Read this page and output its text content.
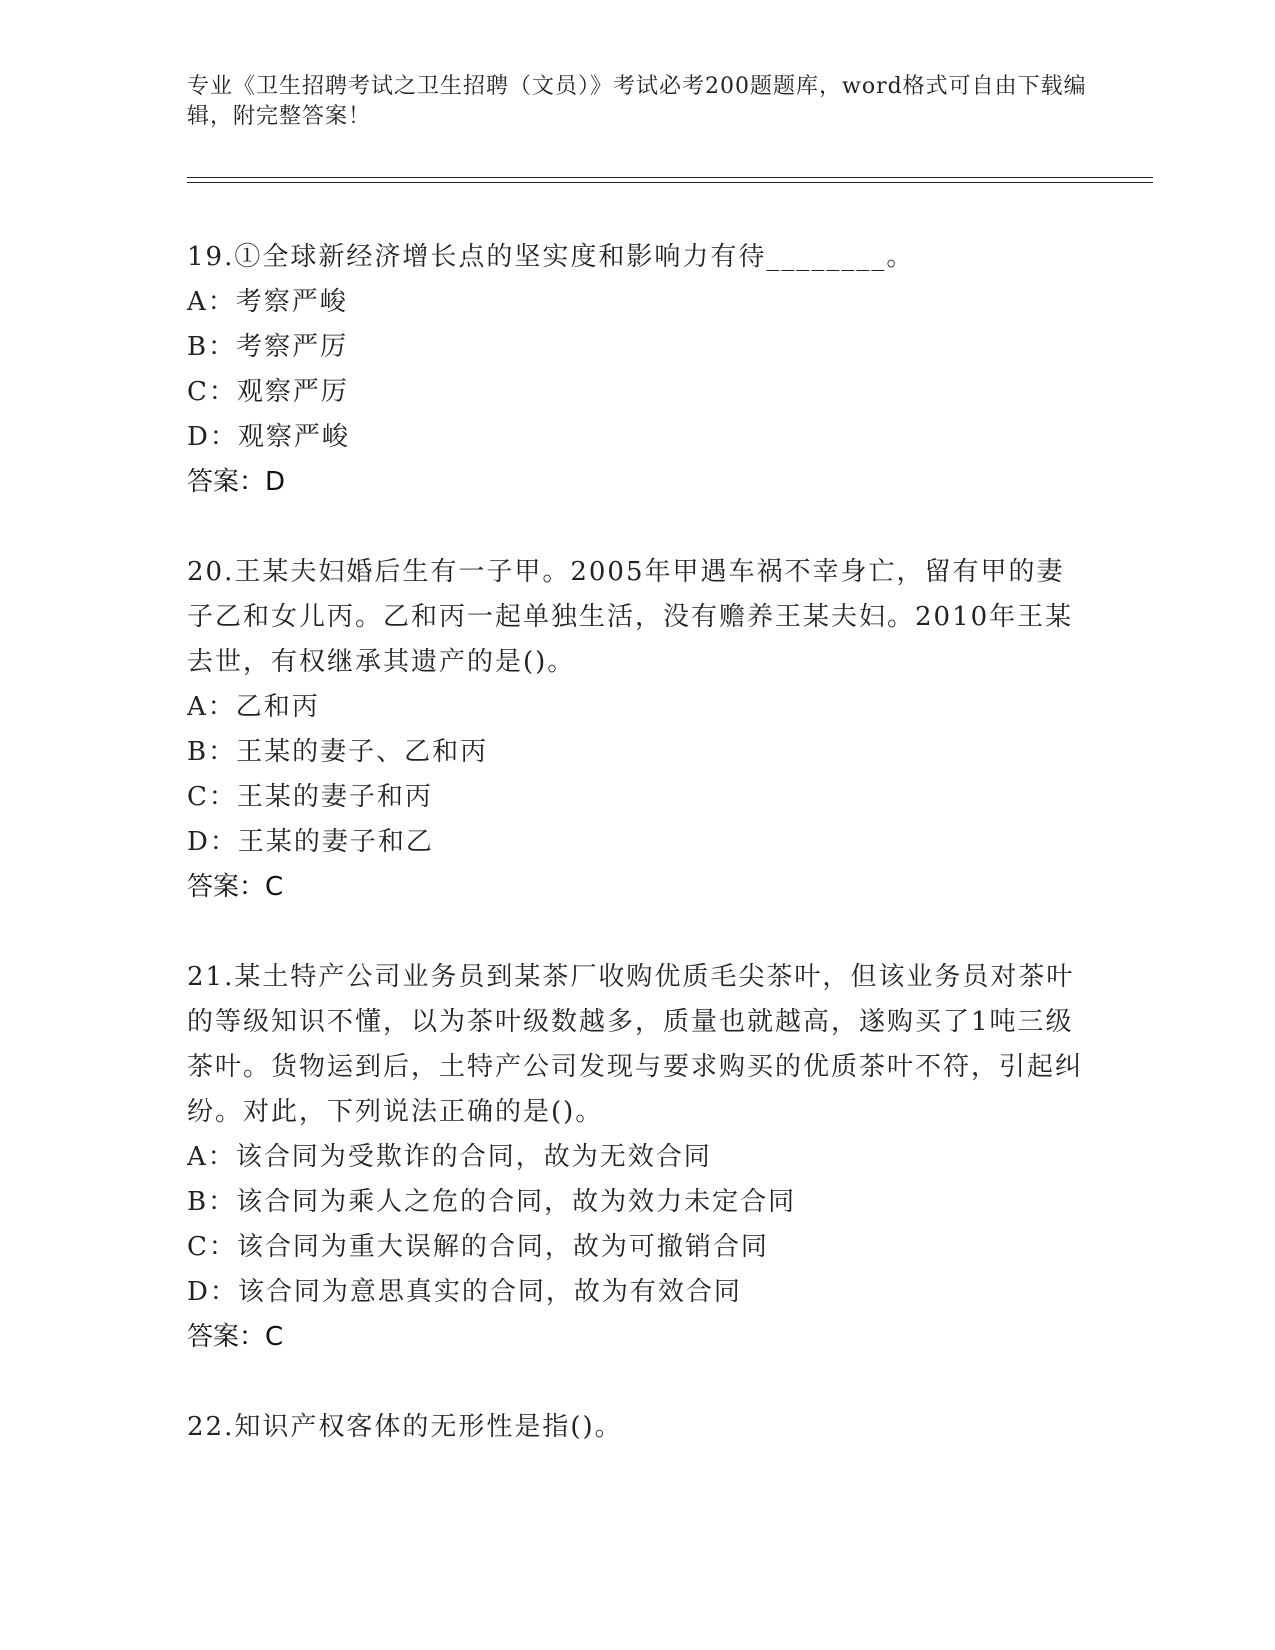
专业《卫生招聘考试之卫生招聘（文员）》考试必考200题题库，word格式可自由下载编辑，附完整答案！

19.①全球新经济增长点的坚实度和影响力有待________。

A：考察严峻

B：考察严厉

C：观察严厉

D：观察严峻

答案：D

20.王某夫妇婚后生有一子甲。2005年甲遇车祸不幸身亡，留有甲的妻子乙和女儿丙。乙和丙一起单独生活，没有赡养王某夫妇。2010年王某去世，有权继承其遗产的是()。

A：乙和丙

B：王某的妻子、乙和丙

C：王某的妻子和丙

D：王某的妻子和乙

答案：C

21.某土特产公司业务员到某茶厂收购优质毛尖茶叶，但该业务员对茶叶的等级知识不懂，以为茶叶级数越多，质量也就越高，遂购买了1吨三级茶叶。货物运到后，土特产公司发现与要求购买的优质茶叶不符，引起纠纷。对此，下列说法正确的是()。

A：该合同为受欺诈的合同，故为无效合同

B：该合同为乘人之危的合同，故为效力未定合同

C：该合同为重大误解的合同，故为可撤销合同

D：该合同为意思真实的合同，故为有效合同

答案：C

22.知识产权客体的无形性是指()。
